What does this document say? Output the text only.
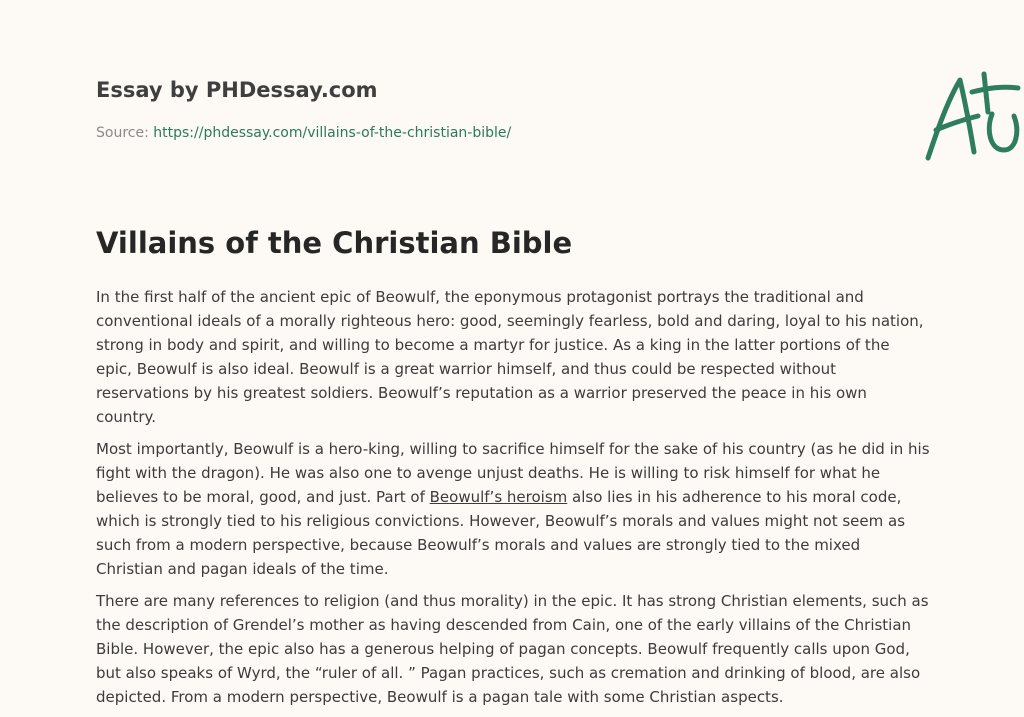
Essay by PHDessay.com
Source: https://phdessay.com/villains-of-the-christian-bible/
Villains of the Christian Bible

In the first half of the ancient epic of Beowulf, the eponymous protagonist portrays the traditional and conventional ideals of a morally righteous hero: good, seemingly fearless, bold and daring, loyal to his nation, strong in body and spirit, and willing to become a martyr for justice. As a king in the latter portions of the epic, Beowulf is also ideal. Beowulf is a great warrior himself, and thus could be respected without reservations by his greatest soldiers. Beowulf’s reputation as a warrior preserved the peace in his own country.

Most importantly, Beowulf is a hero-king, willing to sacrifice himself for the sake of his country (as he did in his fight with the dragon). He was also one to avenge unjust deaths. He is willing to risk himself for what he believes to be moral, good, and just. Part of Beowulf’s heroism also lies in his adherence to his moral code, which is strongly tied to his religious convictions. However, Beowulf’s morals and values might not seem as such from a modern perspective, because Beowulf’s morals and values are strongly tied to the mixed Christian and pagan ideals of the time.

There are many references to religion (and thus morality) in the epic. It has strong Christian elements, such as the description of Grendel’s mother as having descended from Cain, one of the early villains of the Christian Bible. However, the epic also has a generous helping of pagan concepts. Beowulf frequently calls upon God, but also speaks of Wyrd, the “ruler of all. ” Pagan practices, such as cremation and drinking of blood, are also depicted. From a modern perspective, Beowulf is a pagan tale with some Christian aspects.
